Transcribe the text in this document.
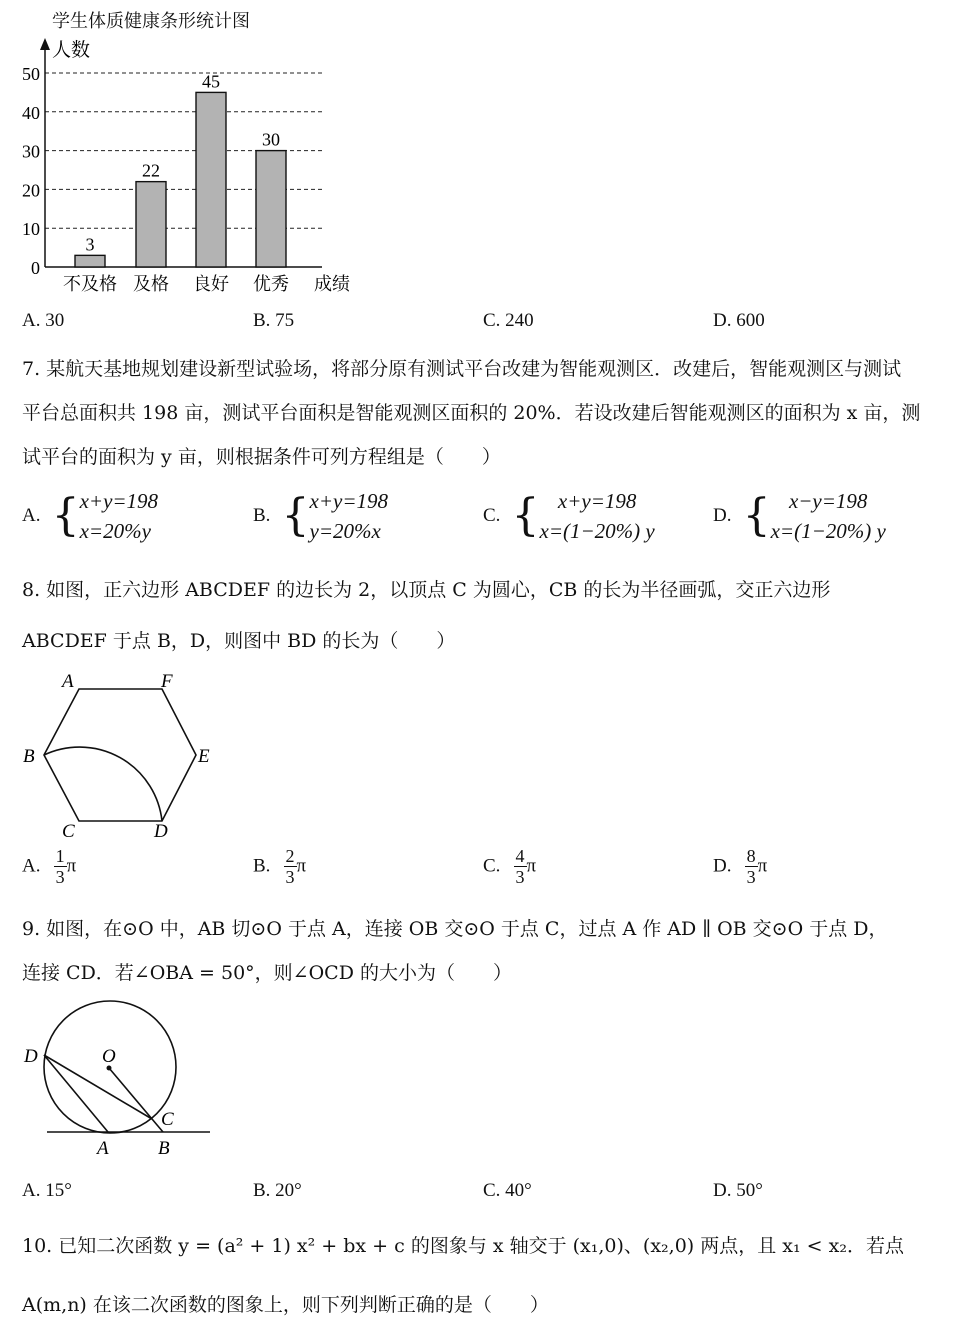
学生体质健康条形统计图
0
10
20
30
40
50
人数
3
不及格
22
及格
45
良好
30
优秀 成绩
A. 30	B. 75	C. 240	D. 600
7. 某航天基地规划建设新型试验场，将部分原有测试平台改建为智能观测区．改建后，智能观测区与测试
平台总面积共 198 亩，测试平台面积是智能观测区面积的 20%．若设改建后智能观测区的面积为 x 亩，测
试平台的面积为 y 亩，则根据条件可列方程组是（　　）
A. { x+y=198
x=20%y
B. { x+y=198
y=20%x
C. { x+y=198
x=(1−20%) y
D. { x−y=198
x=(1−20%) y
8. 如图，正六边形 ABCDEF 的边长为 2，以顶点 C 为圆心，CB 的长为半径画弧，交正六边形
ABCDEF 于点 B，D，则图中 BD 的长为（　　）
A	F
B	E
C	D
A. $\frac{1}{3}$ π	B. $\frac{2}{3}$ π	C. $\frac{4}{3}$ π	D. $\frac{8}{3}$ π
9. 如图，在⊙O 中，AB 切⊙O 于点 A，连接 OB 交⊙O 于点 C，过点 A 作 AD ∥ OB 交⊙O 于点 D，
连接 CD．若∠OBA = 50°，则∠OCD 的大小为（　　）
D	O
C
A	B
A. 15°	B. 20°	C. 40°	D. 50°
10. 已知二次函数 y = (a² + 1) x² + bx + c 的图象与 x 轴交于 (x₁,0)、(x₂,0) 两点，且 x₁ < x₂．若点
A(m,n) 在该二次函数的图象上，则下列判断正确的是（　　）
